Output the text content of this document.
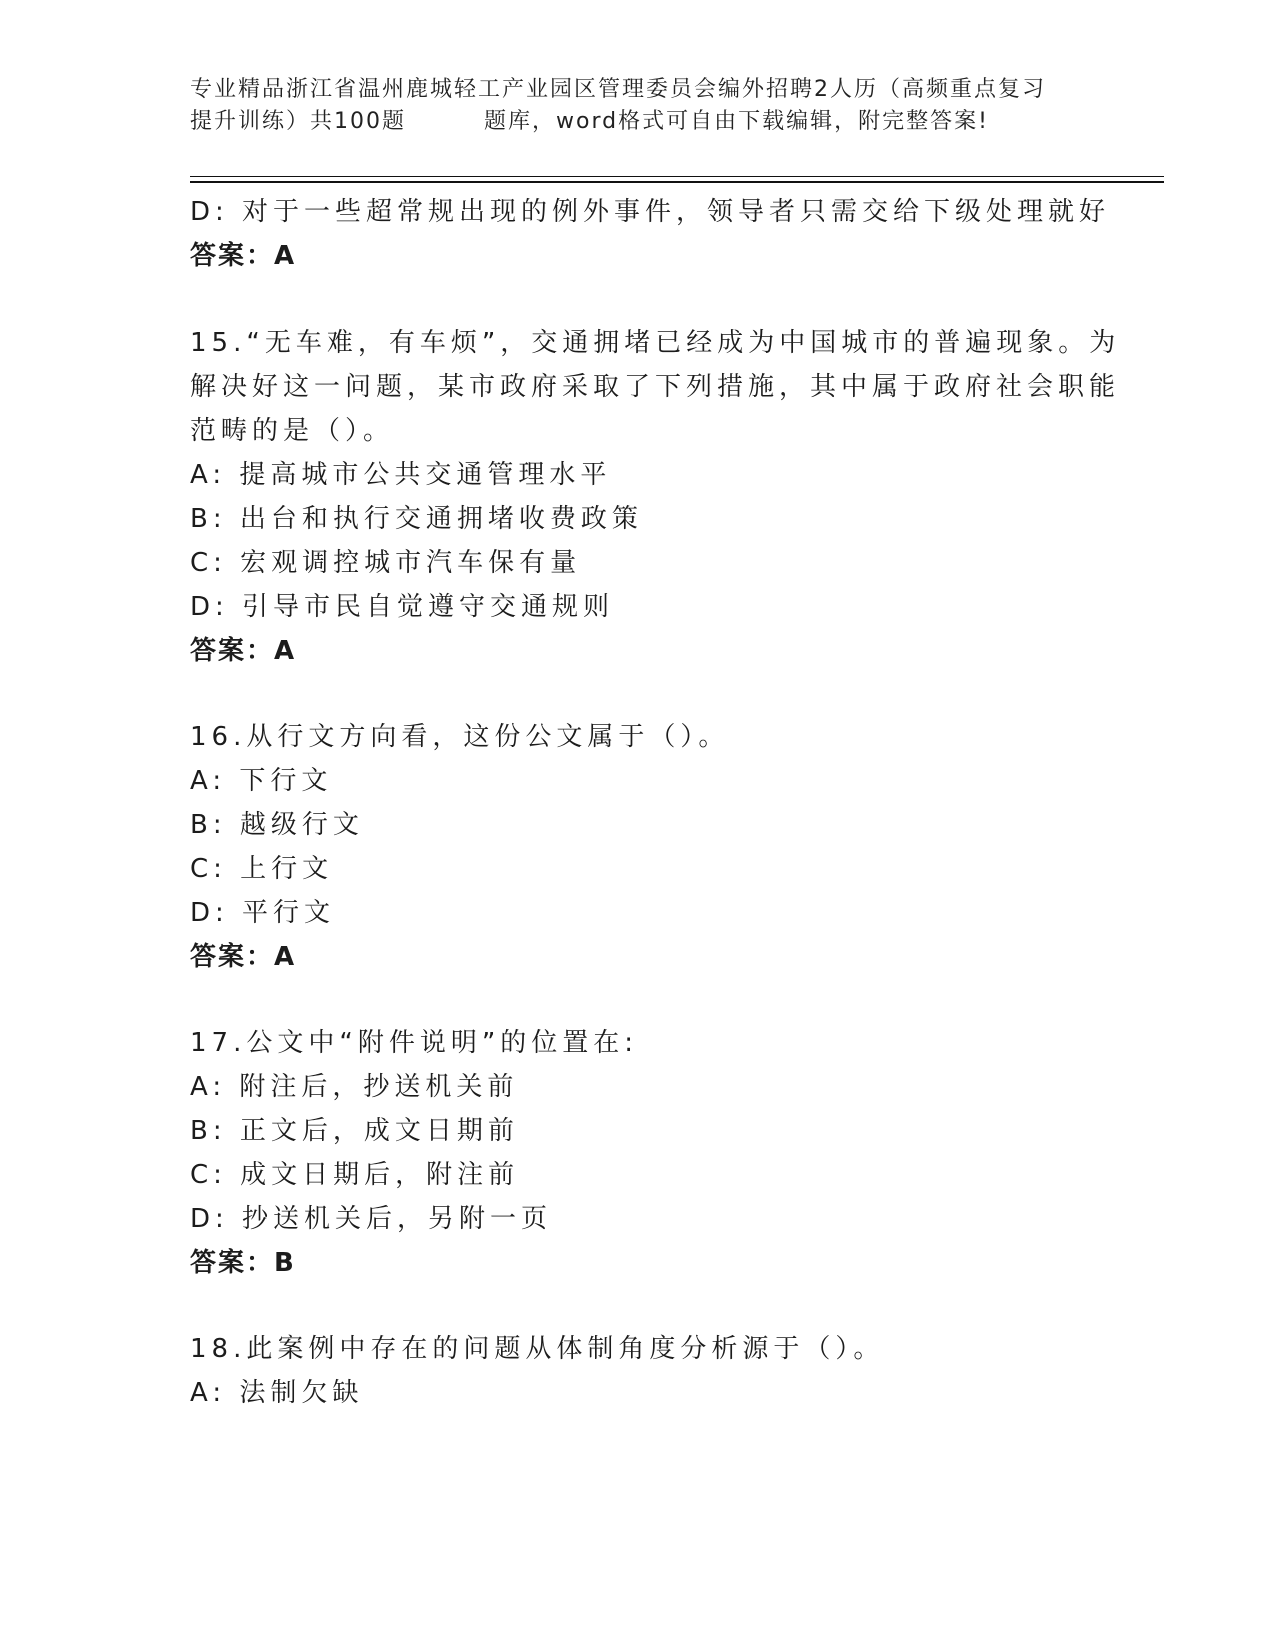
专业精品浙江省温州鹿城轻工产业园区管理委员会编外招聘2人历（高频重点复习
提升训练）共100题	题库，word格式可自由下载编辑，附完整答案!
D: 对于一些超常规出现的例外事件，领导者只需交给下级处理就好
答案：A
15.“无车难，有车烦”，交通拥堵已经成为中国城市的普遍现象。为
解决好这一问题，某市政府采取了下列措施，其中属于政府社会职能
范畴的是（）。
A: 提高城市公共交通管理水平
B: 出台和执行交通拥堵收费政策
C: 宏观调控城市汽车保有量
D: 引导市民自觉遵守交通规则
答案：A
16.从行文方向看，这份公文属于（）。
A: 下行文
B: 越级行文
C: 上行文
D: 平行文
答案：A
17.公文中“附件说明”的位置在:
A: 附注后，抄送机关前
B: 正文后，成文日期前
C: 成文日期后，附注前
D: 抄送机关后，另附一页
答案：B
18.此案例中存在的问题从体制角度分析源于（）。
A: 法制欠缺
